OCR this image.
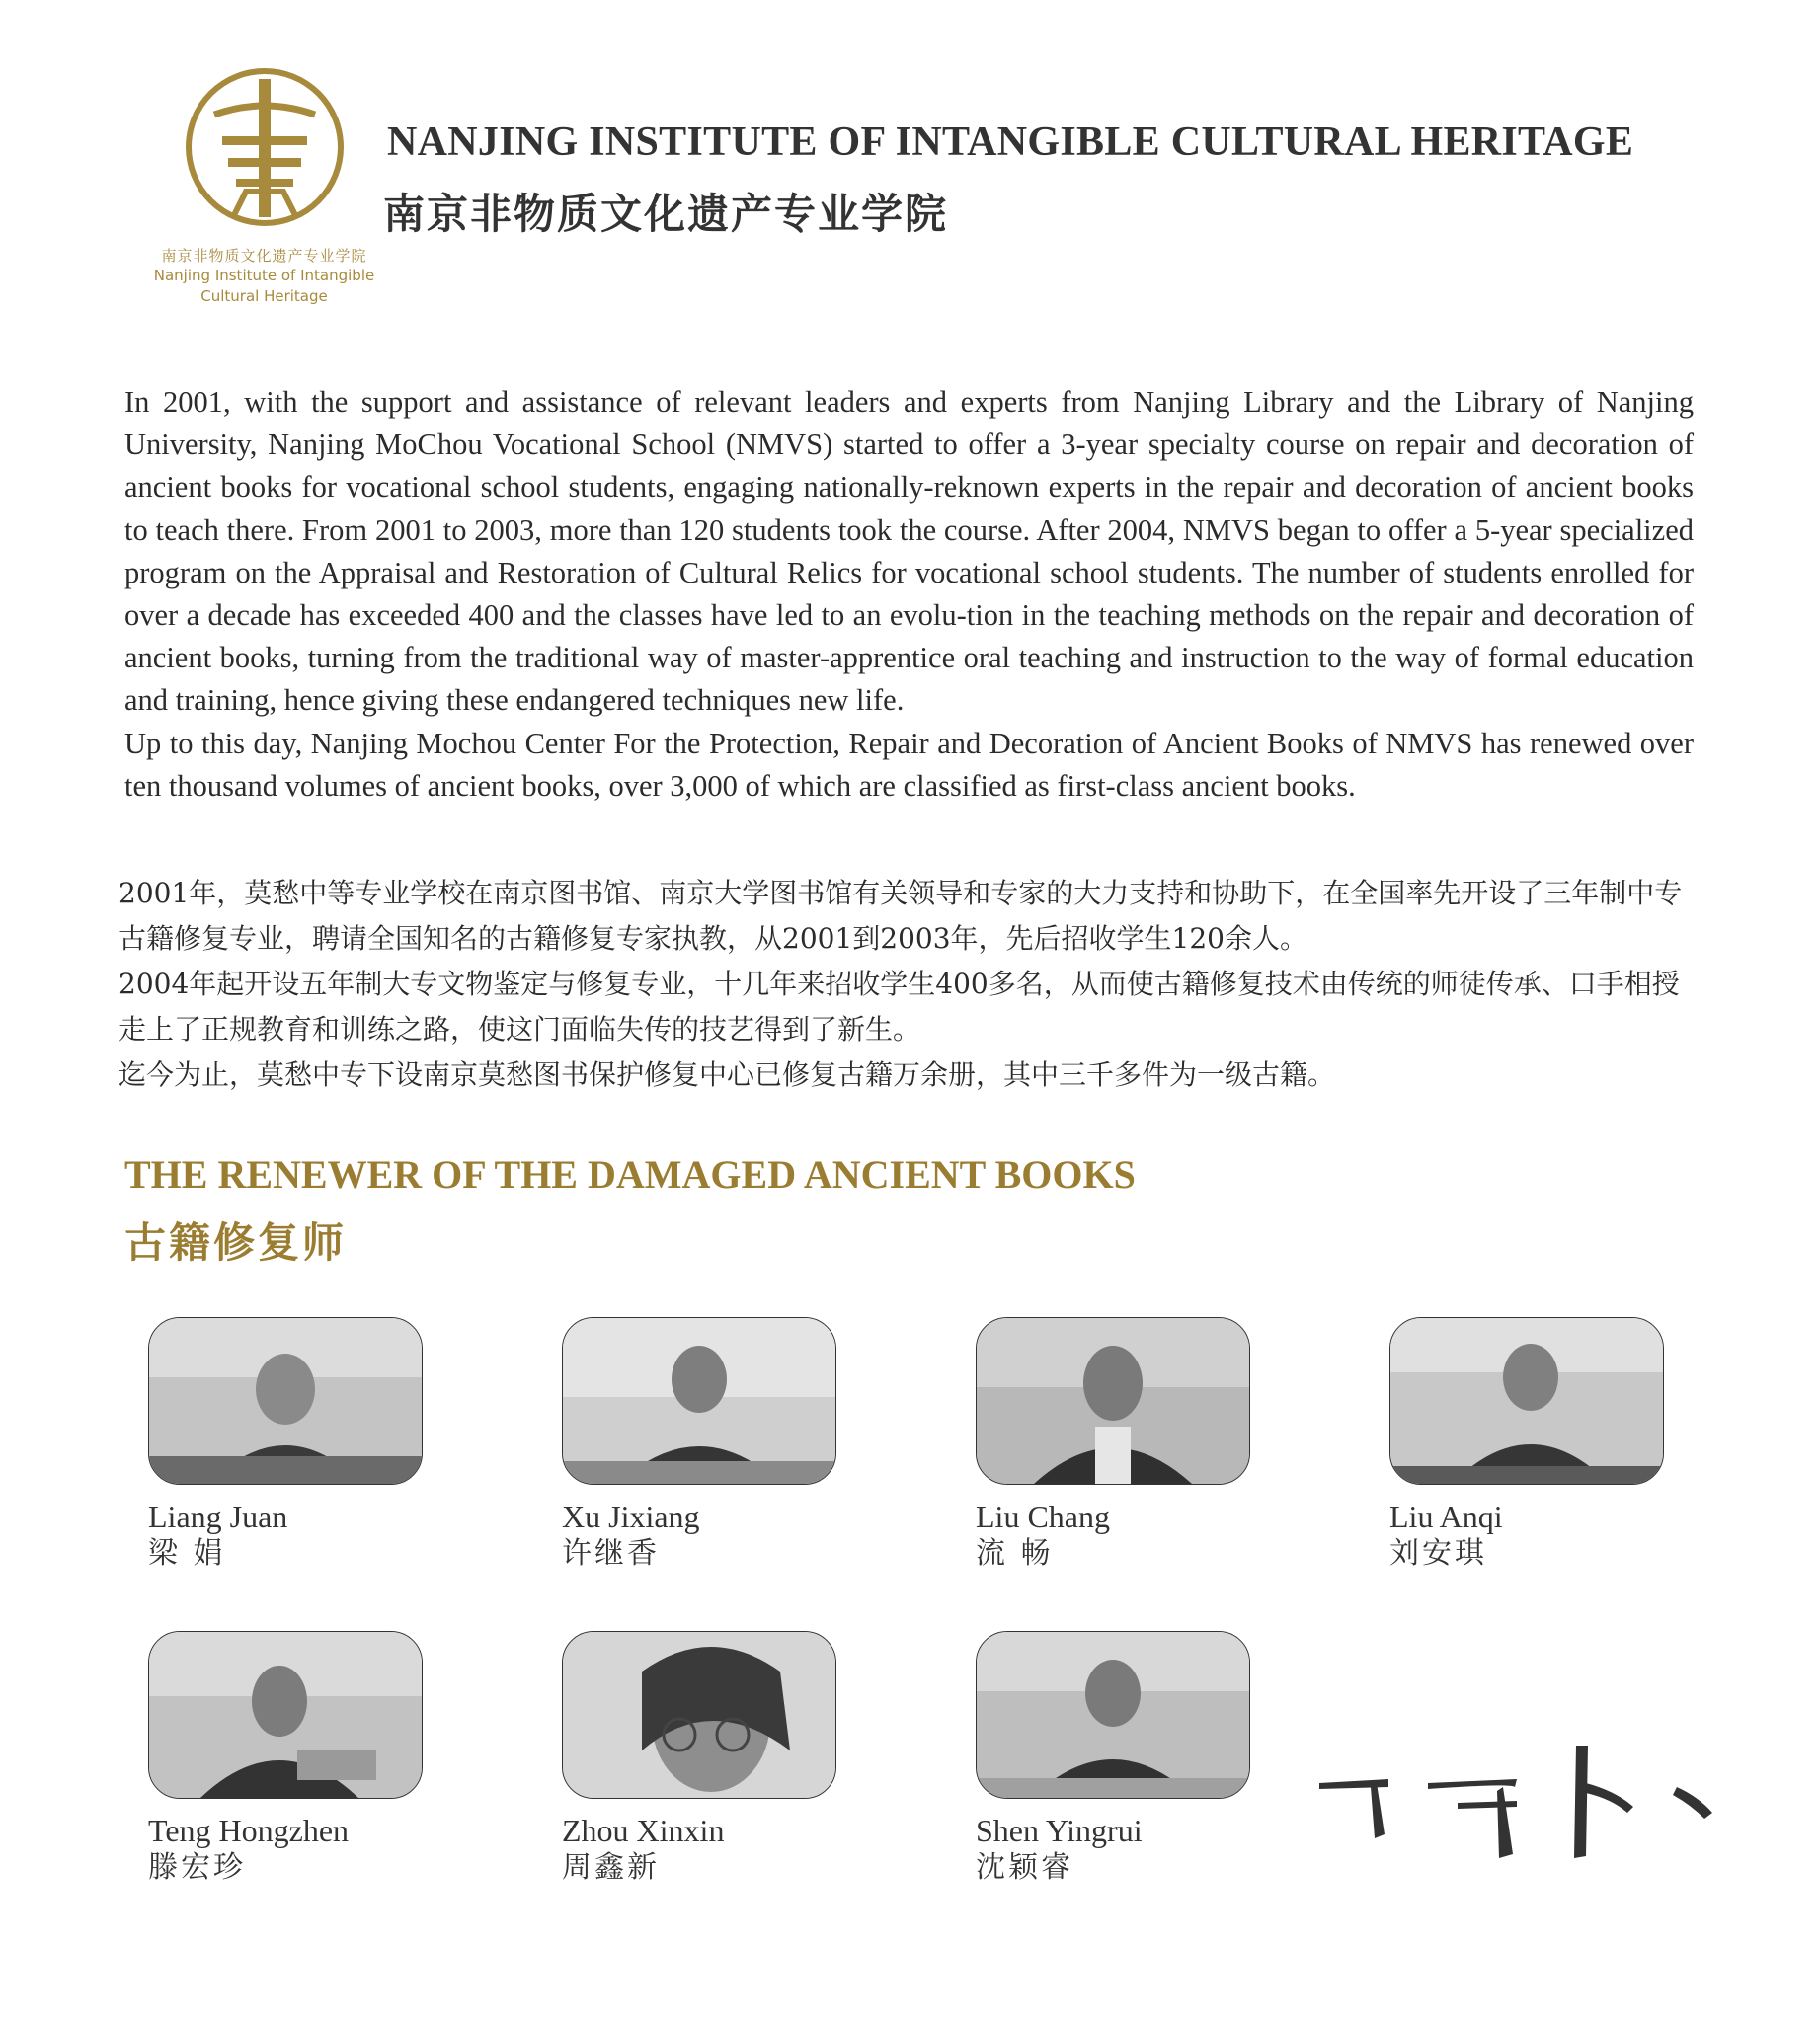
南京非物质文化遗产专业学院
Nanjing Institute of Intangible
Cultural Heritage
NANJING INSTITUTE OF INTANGIBLE CULTURAL HERITAGE
南京非物质文化遗产专业学院

In 2001, with the support and assistance of relevant leaders and experts from Nanjing Library and the Library of Nanjing University, Nanjing MoChou Vocational School (NMVS) started to offer a 3-year specialty course on repair and decoration of ancient books for vocational school students, engaging nationally-reknown experts in the repair and decoration of ancient books to teach there. From 2001 to 2003, more than 120 students took the course. After 2004, NMVS began to offer a 5-year specialized program on the Appraisal and Restoration of Cultural Relics for vocational school students. The number of students enrolled for over a decade has exceeded 400 and the classes have led to an evolu-tion in the teaching methods on the repair and decoration of ancient books, turning from the traditional way of master-apprentice oral teaching and instruction to the way of formal education and training, hence giving these endangered techniques new life.

Up to this day, Nanjing Mochou Center For the Protection, Repair and Decoration of Ancient Books of NMVS has renewed over ten thousand volumes of ancient books, over 3,000 of which are classified as first-class ancient books.

2001年，莫愁中等专业学校在南京图书馆、南京大学图书馆有关领导和专家的大力支持和协助下，在全国率先开设了三年制中专古籍修复专业，聘请全国知名的古籍修复专家执教，从2001到2003年，先后招收学生120余人。

2004年起开设五年制大专文物鉴定与修复专业，十几年来招收学生400多名，从而使古籍修复技术由传统的师徒传承、口手相授走上了正规教育和训练之路，使这门面临失传的技艺得到了新生。

迄今为止，莫愁中专下设南京莫愁图书保护修复中心已修复古籍万余册，其中三千多件为一级古籍。

THE RENEWER OF THE DAMAGED ANCIENT BOOKS
古籍修复师
Liang Juan
梁 娟
Xu Jixiang
许继香
Liu Chang
流 畅
Liu Anqi
刘安琪
Teng Hongzhen
滕宏珍
Zhou Xinxin
周鑫新
Shen Yingrui
沈颖睿
